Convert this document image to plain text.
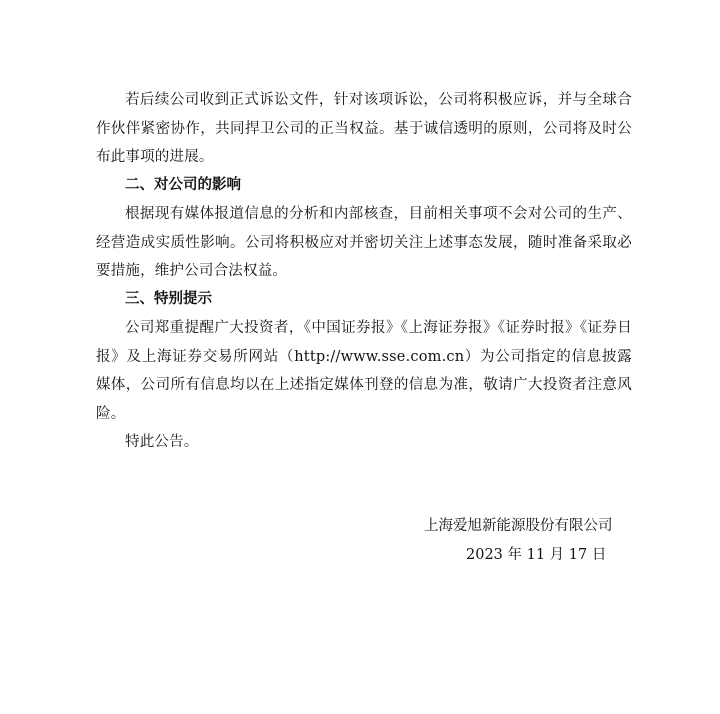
若后续公司收到正式诉讼文件，针对该项诉讼，公司将积极应诉，并与全球合作伙伴紧密协作，共同捍卫公司的正当权益。基于诚信透明的原则，公司将及时公布此事项的进展。

二、对公司的影响

根据现有媒体报道信息的分析和内部核查，目前相关事项不会对公司的生产、经营造成实质性影响。公司将积极应对并密切关注上述事态发展，随时准备采取必要措施，维护公司合法权益。

三、特别提示

公司郑重提醒广大投资者，《中国证券报》《上海证券报》《证券时报》《证券日报》及上海证券交易所网站（http://www.sse.com.cn）为公司指定的信息披露媒体，公司所有信息均以在上述指定媒体刊登的信息为准，敬请广大投资者注意风险。

特此公告。

上海爱旭新能源股份有限公司

2023 年 11 月 17 日
